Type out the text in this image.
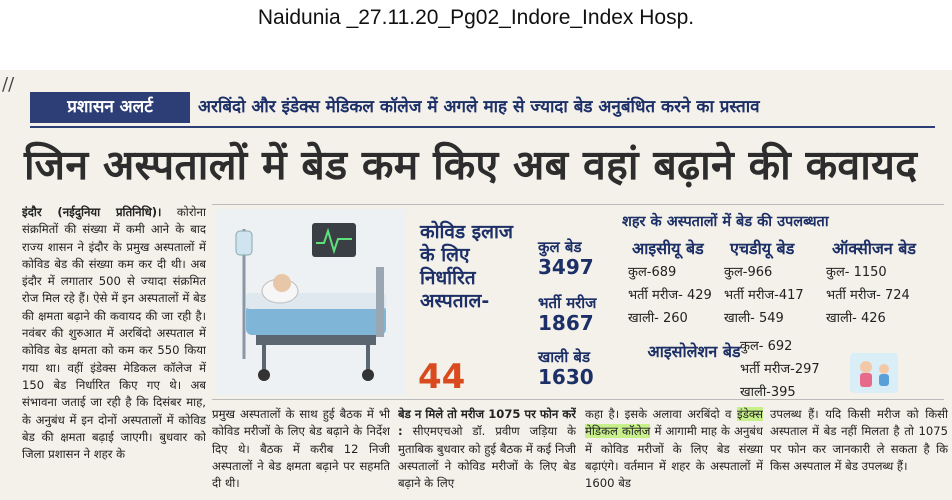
Naidunia _27.11.20_Pg02_Indore_Index Hosp.
//
प्रशासन अलर्ट	अरबिंदो और इंडेक्स मेडिकल कॉलेज में अगले माह से ज्यादा बेड अनुबंधित करने का प्रस्ताव
जिन अस्पतालों में बेड कम किए अब वहां बढ़ाने की कवायद

इंदौर (नईदुनिया प्रतिनिधि)। कोरोना संक्रमितों की संख्या में कमी आने के बाद राज्य शासन ने इंदौर के प्रमुख अस्पतालों में कोविड बेड की संख्या कम कर दी थी। अब इंदौर में लगातार 500 से ज्यादा संक्रमित रोज मिल रहे हैं। ऐसे में इन अस्पतालों में बेड की क्षमता बढ़ाने की कवायद की जा रही है। नवंबर की शुरुआत में अरबिंदो अस्पताल में कोविड बेड क्षमता को कम कर 550 किया गया था। वहीं इंडेक्स मेडिकल कॉलेज में 150 बेड निर्धारित किए गए थे। अब संभावना जताई जा रही है कि दिसंबर माह, के अनुबंध में इन दोनों अस्पतालों में कोविड बेड की क्षमता बढ़ाई जाएगी। बुधवार को जिला प्रशासन ने शहर के

कोविड इलाज के लिए निर्धारित अस्पताल-
44
कुल बेड
3497
भर्ती मरीज
1867
खाली बेड
1630
शहर के अस्पतालों में बेड की उपलब्धता
आइसीयू बेड
कुल-689
भर्ती मरीज- 429
खाली- 260
एचडीयू बेड
कुल-966
भर्ती मरीज-417
खाली- 549
ऑक्सीजन बेड
कुल- 1150
भर्ती मरीज- 724
खाली- 426
आइसोलेशन बेड कुल- 692
भर्ती मरीज-297
खाली-395

प्रमुख अस्पतालों के साथ हुई बैठक में भी कोविड मरीजों के लिए बेड बढ़ाने के निर्देश दिए थे। बैठक में करीब 12 निजी अस्पतालों ने बेड क्षमता बढ़ाने पर सहमति दी थी।

बेड न मिले तो मरीज 1075 पर फोन करें : सीएमएचओ डॉ. प्रवीण जड़िया के मुताबिक बुधवार को हुई बैठक में कई निजी अस्पतालों ने कोविड मरीजों के लिए बेड बढ़ाने के लिए

कहा है। इसके अलावा अरबिंदो व इंडेक्स मेडिकल कॉलेज में आगामी माह के अनुबंध में कोविड मरीजों के लिए बेड संख्या बढ़ाएंगे। वर्तमान में शहर के अस्पतालों में 1600 बेड

उपलब्ध हैं। यदि किसी मरीज को किसी अस्पताल में बेड नहीं मिलता है तो 1075 पर फोन कर जानकारी ले सकता है कि किस अस्पताल में बेड उपलब्ध हैं।
